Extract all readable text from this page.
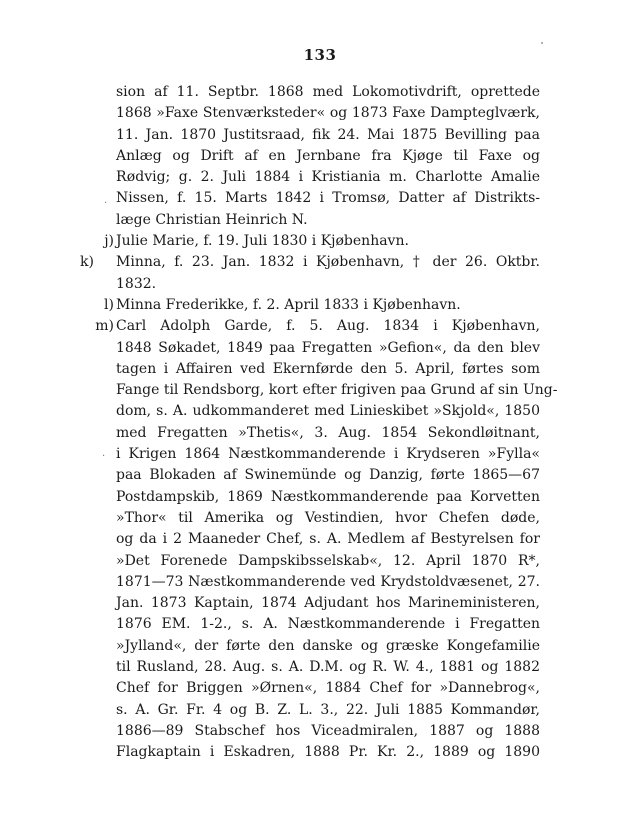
133
sion af 11. Septbr. 1868 med Lokomotivdrift, oprettede
1868 »Faxe Stenværksteder« og 1873 Faxe Dampteglværk,
11. Jan. 1870 Justitsraad, fik 24. Mai 1875 Bevilling paa
Anlæg og Drift af en Jernbane fra Kjøge til Faxe og
Rødvig; g. 2. Juli 1884 i Kristiania m. Charlotte Amalie
. Nissen, f. 15. Marts 1842 i Tromsø, Datter af Distrikts-
læge Christian Heinrich N.
j) Julie Marie, f. 19. Juli 1830 i Kjøbenhavn.
k)	Minna, f. 23. Jan. 1832 i Kjøbenhavn, † der 26. Oktbr.
1832.
l) Minna Frederikke, f. 2. April 1833 i Kjøbenhavn.
m) Carl Adolph Garde, f. 5. Aug. 1834 i Kjøbenhavn,
1848 Søkadet, 1849 paa Fregatten »Gefion«, da den blev
tagen i Affairen ved Ekernførde den 5. April, førtes som
Fange til Rendsborg, kort efter frigiven paa Grund af sin Ung-
dom, s. A. udkommanderet med Linieskibet »Skjold«, 1850
med Fregatten »Thetis«, 3. Aug. 1854 Sekondløitnant,
· i Krigen 1864 Næstkommanderende i Krydseren »Fylla«
paa Blokaden af Swinemünde og Danzig, førte 1865—67
Postdampskib, 1869 Næstkommanderende paa Korvetten
»Thor« til Amerika og Vestindien, hvor Chefen døde,
og da i 2 Maaneder Chef, s. A. Medlem af Bestyrelsen for
»Det Forenede Dampskibsselskab«, 12. April 1870 R*,
1871—73 Næstkommanderende ved Krydstoldvæsenet, 27.
Jan. 1873 Kaptain, 1874 Adjudant hos Marineministeren,
1876 EM. 1-2., s. A. Næstkommanderende i Fregatten
»Jylland«, der førte den danske og græske Kongefamilie
til Rusland, 28. Aug. s. A. D.M. og R. W. 4., 1881 og 1882
Chef for Briggen »Ørnen«, 1884 Chef for »Dannebrog«,
s. A. Gr. Fr. 4 og B. Z. L. 3., 22. Juli 1885 Kommandør,
1886—89 Stabschef hos Viceadmiralen, 1887 og 1888
Flagkaptain i Eskadren, 1888 Pr. Kr. 2., 1889 og 1890
